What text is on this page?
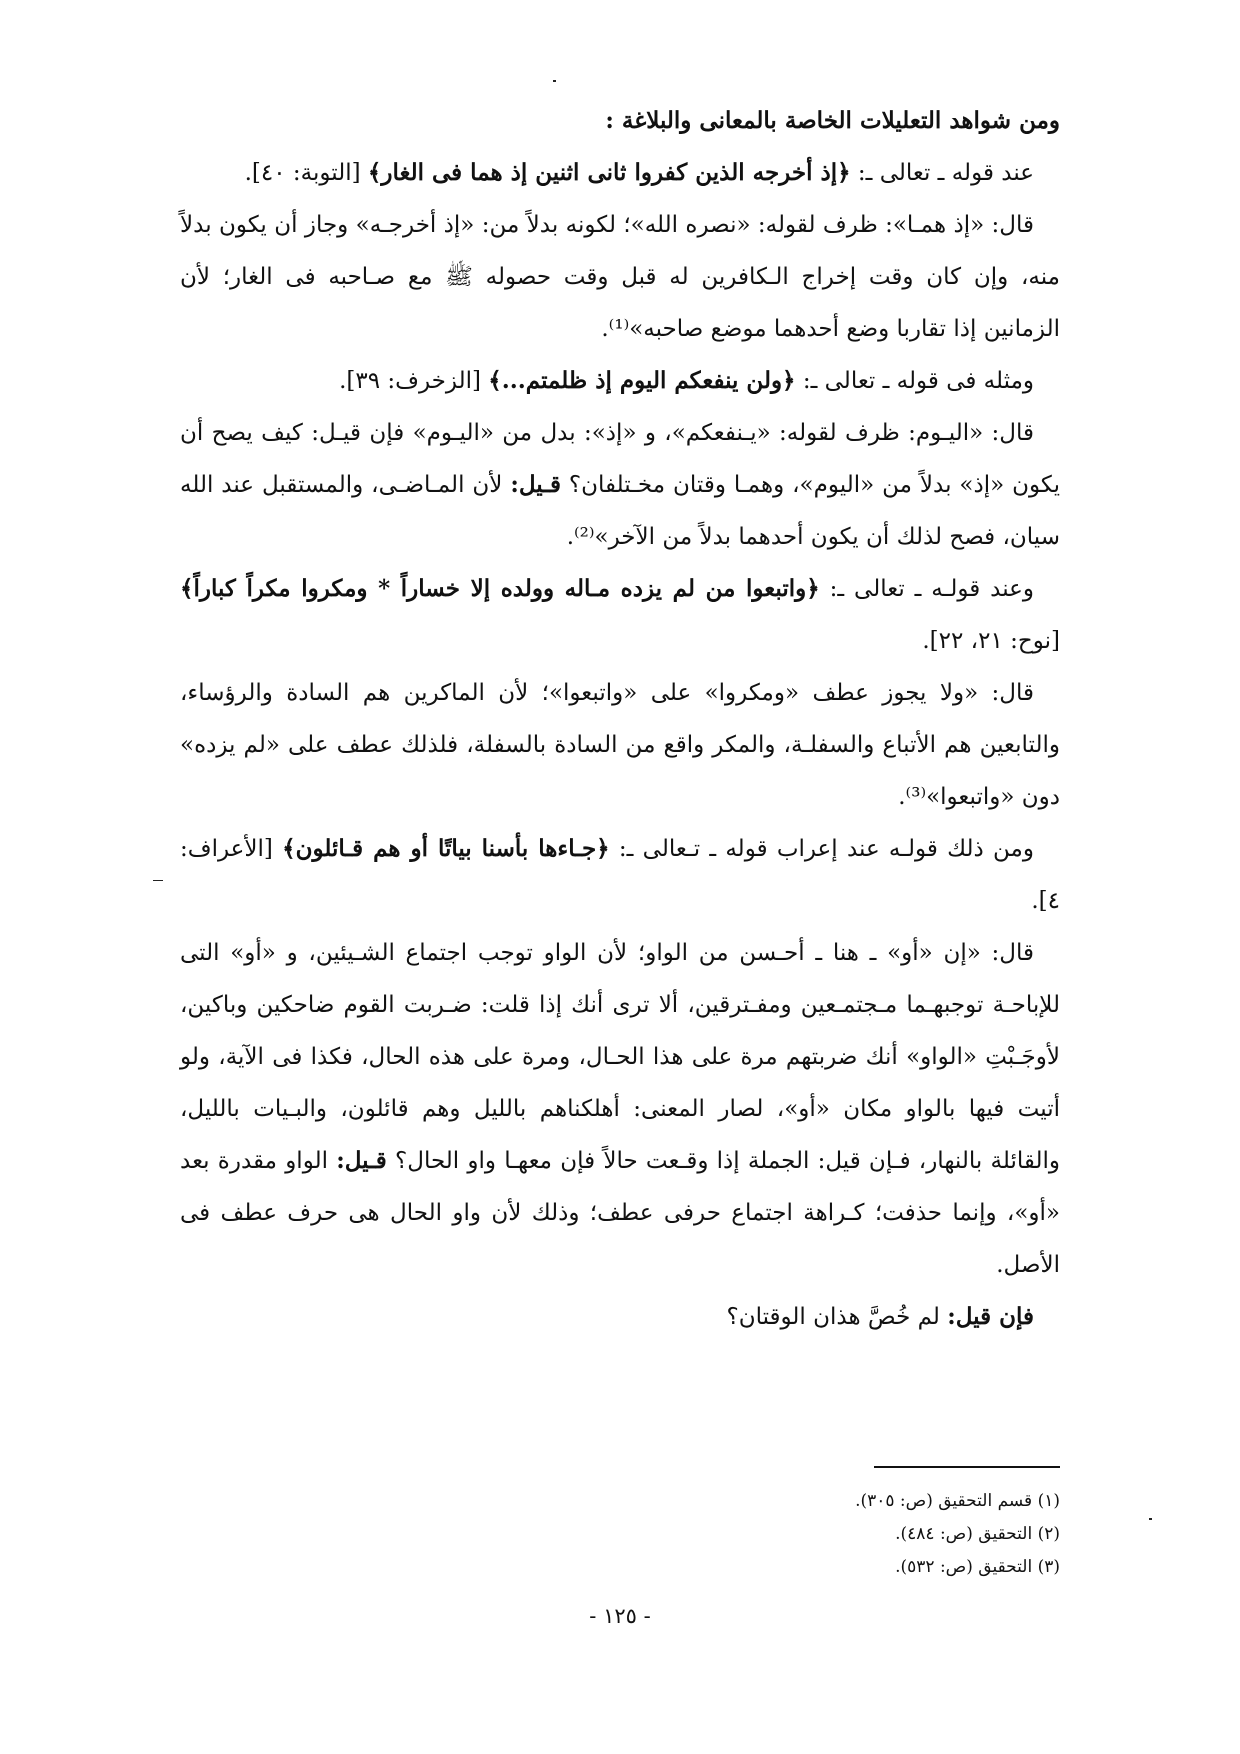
ومن شواهد التعليلات الخاصة بالمعانى والبلاغة :

عند قوله ـ تعالى ـ: ﴿إذ أخرجه الذين كفروا ثانى اثنين إذ هما فى الغار﴾ [التوبة: ٤٠].

قال: «إذ همـا»: ظرف لقوله: «نصره الله»؛ لكونه بدلاً من: «إذ أخرجـه» وجاز أن يكون بدلاً منه، وإن كان وقت إخراج الـكافرين له قبل وقت حصوله ﷺ مع صـاحبه فى الغار؛ لأن الزمانين إذا تقاربا وضع أحدهما موضع صاحبه»⁽¹⁾.

ومثله فى قوله ـ تعالى ـ: ﴿ولن ينفعكم اليوم إذ ظلمتم...﴾ [الزخرف: ٣٩].

قال: «اليـوم: ظرف لقوله: «يـنفعكم»، و «إذ»: بدل من «اليـوم» فإن قيـل: كيف يصح أن يكون «إذ» بدلاً من «اليوم»، وهمـا وقتان مخـتلفان؟ قـيل: لأن المـاضـى، والمستقبل عند الله سيان، فصح لذلك أن يكون أحدهما بدلاً من الآخر»⁽²⁾.

وعند قولـه ـ تعالى ـ: ﴿واتبعوا من لم يزده مـاله وولده إلا خساراً * ومكروا مكراً كباراً﴾ [نوح: ٢١، ٢٢].

قال: «ولا يجوز عطف «ومكروا» على «واتبعوا»؛ لأن الماكرين هم السادة والرؤساء، والتابعين هم الأتباع والسفلـة، والمكر واقع من السادة بالسفلة، فلذلك عطف على «لم يزده» دون «واتبعوا»⁽³⁾.

ومن ذلك قولـه عند إعراب قوله ـ تـعالى ـ: ﴿جـاءها بأسنا بياتًا أو هم قـائلون﴾ [الأعراف: ٤].

قال: «إن «أو» ـ هنا ـ أحـسن من الواو؛ لأن الواو توجب اجتماع الشـيئين، و «أو» التى للإباحـة توجبهـما مـجتمـعين ومفـترقين، ألا ترى أنك إذا قلت: ضـربت القوم ضاحكين وباكين، لأوجَـبْتِ «الواو» أنك ضربتهم مرة على هذا الحـال، ومرة على هذه الحال، فكذا فى الآية، ولو أتيت فيها بالواو مكان «أو»، لصار المعنى: أهلكناهم بالليل وهم قائلون، والبـيات بالليل، والقائلة بالنهار، فـإن قيل: الجملة إذا وقـعت حالاً فإن معهـا واو الحال؟ قـيل: الواو مقدرة بعد «أو»، وإنما حذفت؛ كـراهة اجتماع حرفى عطف؛ وذلك لأن واو الحال هى حرف عطف فى الأصل.

فإن قيل: لم خُصَّ هذان الوقتان؟

(١) قسم التحقيق (ص: ٣٠٥).
(٢) التحقيق (ص: ٤٨٤).
(٣) التحقيق (ص: ٥٣٢).
- ١٢٥ -
